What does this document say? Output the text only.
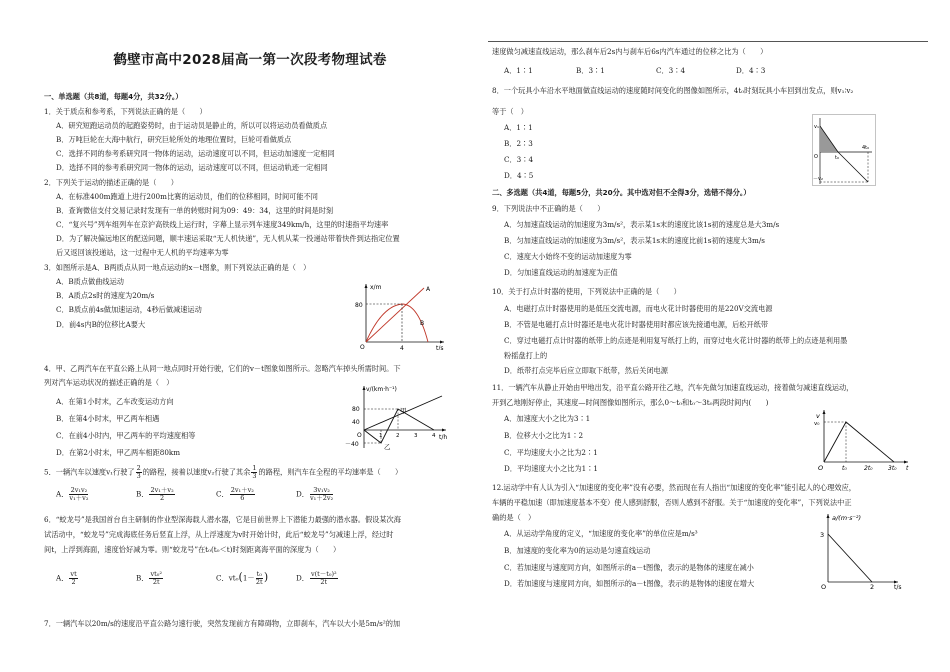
鹤壁市高中2028届高一第一次段考物理试卷
一、单选题（共8道，每题4分，共32分。）
1．关于质点和参考系，下列说法正确的是（　　）
A．研究短跑运动员的起跑姿势时，由于运动员是静止的，所以可以将运动员看做质点
B．万吨巨轮在大海中航行，研究巨轮所处的地理位置时，巨轮可看做质点
C．选择不同的参考系研究同一物体的运动，运动速度可以不同，但运动加速度一定相同
D．选择不同的参考系研究同一物体的运动，运动速度可以不同，但运动轨迹一定相同
2．下列关于运动的描述正确的是（　　）
A．在标准400m跑道上进行200m比赛的运动员，他们的位移相同，时间可能不同
B．查询微信支付交易记录时发现有一单的转账时间为09：49：34，这里的时间是时刻
C．“复兴号”列车组列车在京沪高铁线上运行时，字幕上显示列车速度349km/h，这里的时速指平均速率
D．为了解决偏远地区的配送问题，顺丰速运采取“无人机快递”，无人机从某一投递站带着快件到达指定位置
后又返回该投递站，这一过程中无人机的平均速率为零
3．如图所示是A、B两质点从同一地点运动的x－t图象，则下列说法正确的是（　）
A．B质点做曲线运动
B．A质点2s时的速度为20m/s
C．B质点前4s做加速运动，4秒后做减速运动
D．前4s内B的位移比A要大
x/m
t/s
80
4
O
A
B
4．甲、乙两汽车在平直公路上从同一地点同时开始行驶，它们的v－t图象如图所示。忽略汽车掉头所需时间。下
列对汽车运动状况的描述正确的是（　）
A．在第1小时末，乙车改变运动方向
B．在第4小时末，甲乙两车相遇
C．在前4小时内，甲乙两车的平均速度相等
D．在第2小时末，甲乙两车相距80km
v/(km·h⁻¹)
t/h
80
40
－40
O
甲
乙
1 2	3	4
5．一辆汽车以速度v₁行驶了 $\frac{2}{3}$ 的路程，接着以速度v₂行驶了其余 $\frac{1}{3}$ 的路程，则汽车在全程的平均速率是（　　）
A． $\frac{\text{2v₁v₂}}{\text{v₁＋v₂}}$	B． $\frac{\text{2v₁＋v₂}}{2}$	C． $\frac{\text{2v₁＋v₂}}{6}$	D． $\frac{\text{3v₁v₂}}{\text{v₁＋2v₂}}$
6．“蛟龙号”是我国首台自主研制的作业型深海载人潜水器，它是目前世界上下潜能力最强的潜水器。假设某次海
试活动中，“蛟龙号”完成海底任务后竖直上浮，从上浮速度为v时开始计时，此后“蛟龙号”匀减速上浮，经过时
间t，上浮到海面，速度恰好减为零。则“蛟龙号”在t₀(t₀＜t)时刻距离海平面的深度为（　　）
A． $\frac{vt}{2}$	B． $\frac{\text{vt₀²}}{2t}$	C．$vt_0(1- \frac{\text{t₀}}{2t}$ )	D． $\frac{\text{v(t－t₀)²}}{2t}$
7．一辆汽车以20m/s的速度沿平直公路匀速行驶，突然发现前方有障碍物，立即刹车，汽车以大小是5m/s²的加
速度做匀减速直线运动，那么刹车后2s内与刹车后6s内汽车通过的位移之比为（　　）
A．1∶1	B．3∶1	C．3∶4	D．4∶3
8．一个玩具小车沿水平地面做直线运动的速度随时间变化的图像如图所示，4t₀时刻玩具小车回到出发点，则v₁∶v₂
等于（　）
A．1∶1
B．2∶3
C．3∶4
D．4∶5
v₁
－v₂
O	t₀
4t₀
二、多选题（共4道，每题5分，共20分。其中选对但不全得3分，选错不得分。）
9．下列说法中不正确的是（　　）
A．匀加速直线运动的加速度为3m/s²，表示某1s末的速度比该1s初的速度总是大3m/s
B．匀加速直线运动的加速度为3m/s²，表示某1s末的速度比前1s初的速度大3m/s
C．速度大小始终不变的运动加速度为零
D．匀加速直线运动的加速度为正值
10．关于打点计时器的使用，下列说法中正确的是（　　）
A．电磁打点计时器使用的是低压交流电源，而电火花计时器使用的是220V交流电源
B．不管是电磁打点计时器还是电火花计时器使用时都应该先接通电源，后松开纸带
C．穿过电磁打点计时器的纸带上的点迹是利用复写纸打上的，而穿过电火花计时器的纸带上的点迹是利用墨
粉摇盘打上的
D．纸带打点完毕后应立即取下纸带，然后关闭电源
11．一辆汽车从静止开始由甲地出发，沿平直公路开往乙地，汽车先做匀加速直线运动，接着做匀减速直线运动，
开到乙地刚好停止，其速度—时间图像如图所示，那么0～t₀和t₀～3t₀两段时间内(　　)
A．加速度大小之比为3∶1
B．位移大小之比为1∶2
C．平均速度大小之比为2∶1
D．平均速度大小之比为1∶1
v
v₀
O	t₀	2t₀	3t₀ t
12.运动学中有人认为引入“加速度的变化率”没有必要，然而现在有人指出“加速度的变化率”能引起人的心理效应，
车辆的平稳加速（即加速度基本不变）使人感到舒服，否则人感到不舒服。关于“加速度的变化率”，下列说法中正
确的是（　）
A．从运动学角度的定义，“加速度的变化率”的单位应是m/s³
B．加速度的变化率为0的运动是匀速直线运动
C．若加速度与速度同方向，如图所示的a－t图像，表示的是物体的速度在减小
D．若加速度与速度同方向，如图所示的a－t图像，表示的是物体的速度在增大
a/(m·s⁻²)
t/s
3
O	2
